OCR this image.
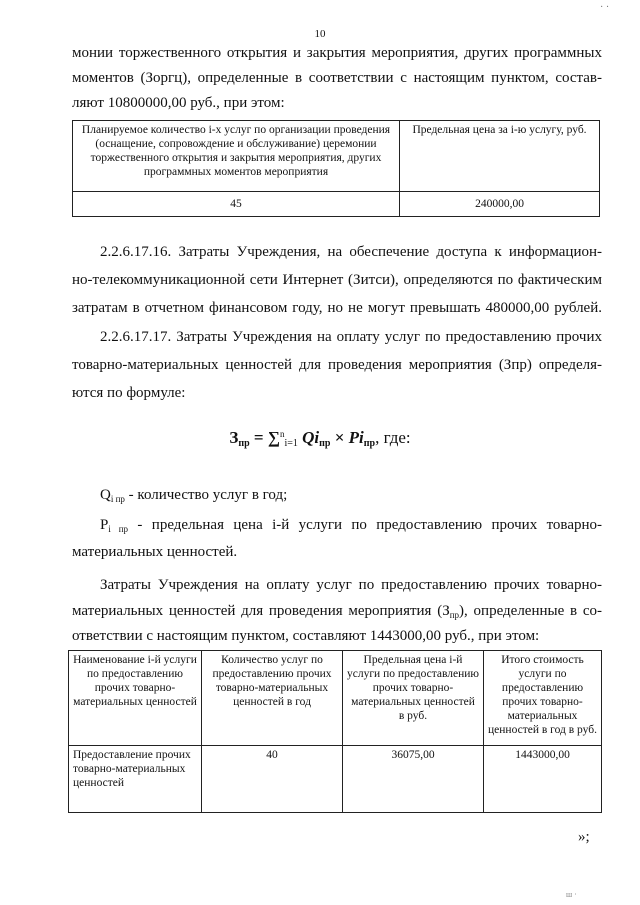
· ·
10
монии торжественного открытия и закрытия мероприятия, других программных
моментов (Зоргц), определенные в соответствии с настоящим пунктом, состав-
ляют 10800000,00 руб., при этом:
Планируемое количество i-х услуг по организации проведения (оснащение, сопровождение и обслуживание) церемонии торжественного открытия и закрытия мероприятия, других программных моментов мероприятия	Предельная цена за i-ю услугу, руб.
45	240000,00
2.2.6.17.16. Затраты Учреждения, на обеспечение доступа к информацион-
но-телекоммуникационной сети Интернет (Зитси), определяются по фактическим
затратам в отчетном финансовом году, но не могут превышать 480000,00 рублей.
2.2.6.17.17. Затраты Учреждения на оплату услуг по предоставлению прочих
товарно-материальных ценностей для проведения мероприятия (Зпр) определя-
ются по формуле:
Зпр = ∑$^n$i=1 Qiпр × Piпр, где:
$Q_{i пр}$ - количество услуг в год;
$P_{i пр}$ - предельная цена i-й услуги по предоставлению прочих товарно-
материальных ценностей.
Затраты Учреждения на оплату услуг по предоставлению прочих товарно-
материальных ценностей для проведения мероприятия $(З_{пр})$, определенные в со-
ответствии с настоящим пунктом, составляют 1443000,00 руб., при этом:
Наименование i-й услуги по предоставлению прочих товарно-материальных ценностей	Количество услуг по предоставлению прочих товарно-материальных ценностей в год	Предельная цена i-й услуги по предоставлению прочих товарно-материальных ценностей в руб.	Итого стоимость услуги по предоставлению прочих товарно-материальных ценностей в год в руб.
Предоставление прочих товарно-материальных ценностей	40	36075,00	1443000,00
»;
ш ·
